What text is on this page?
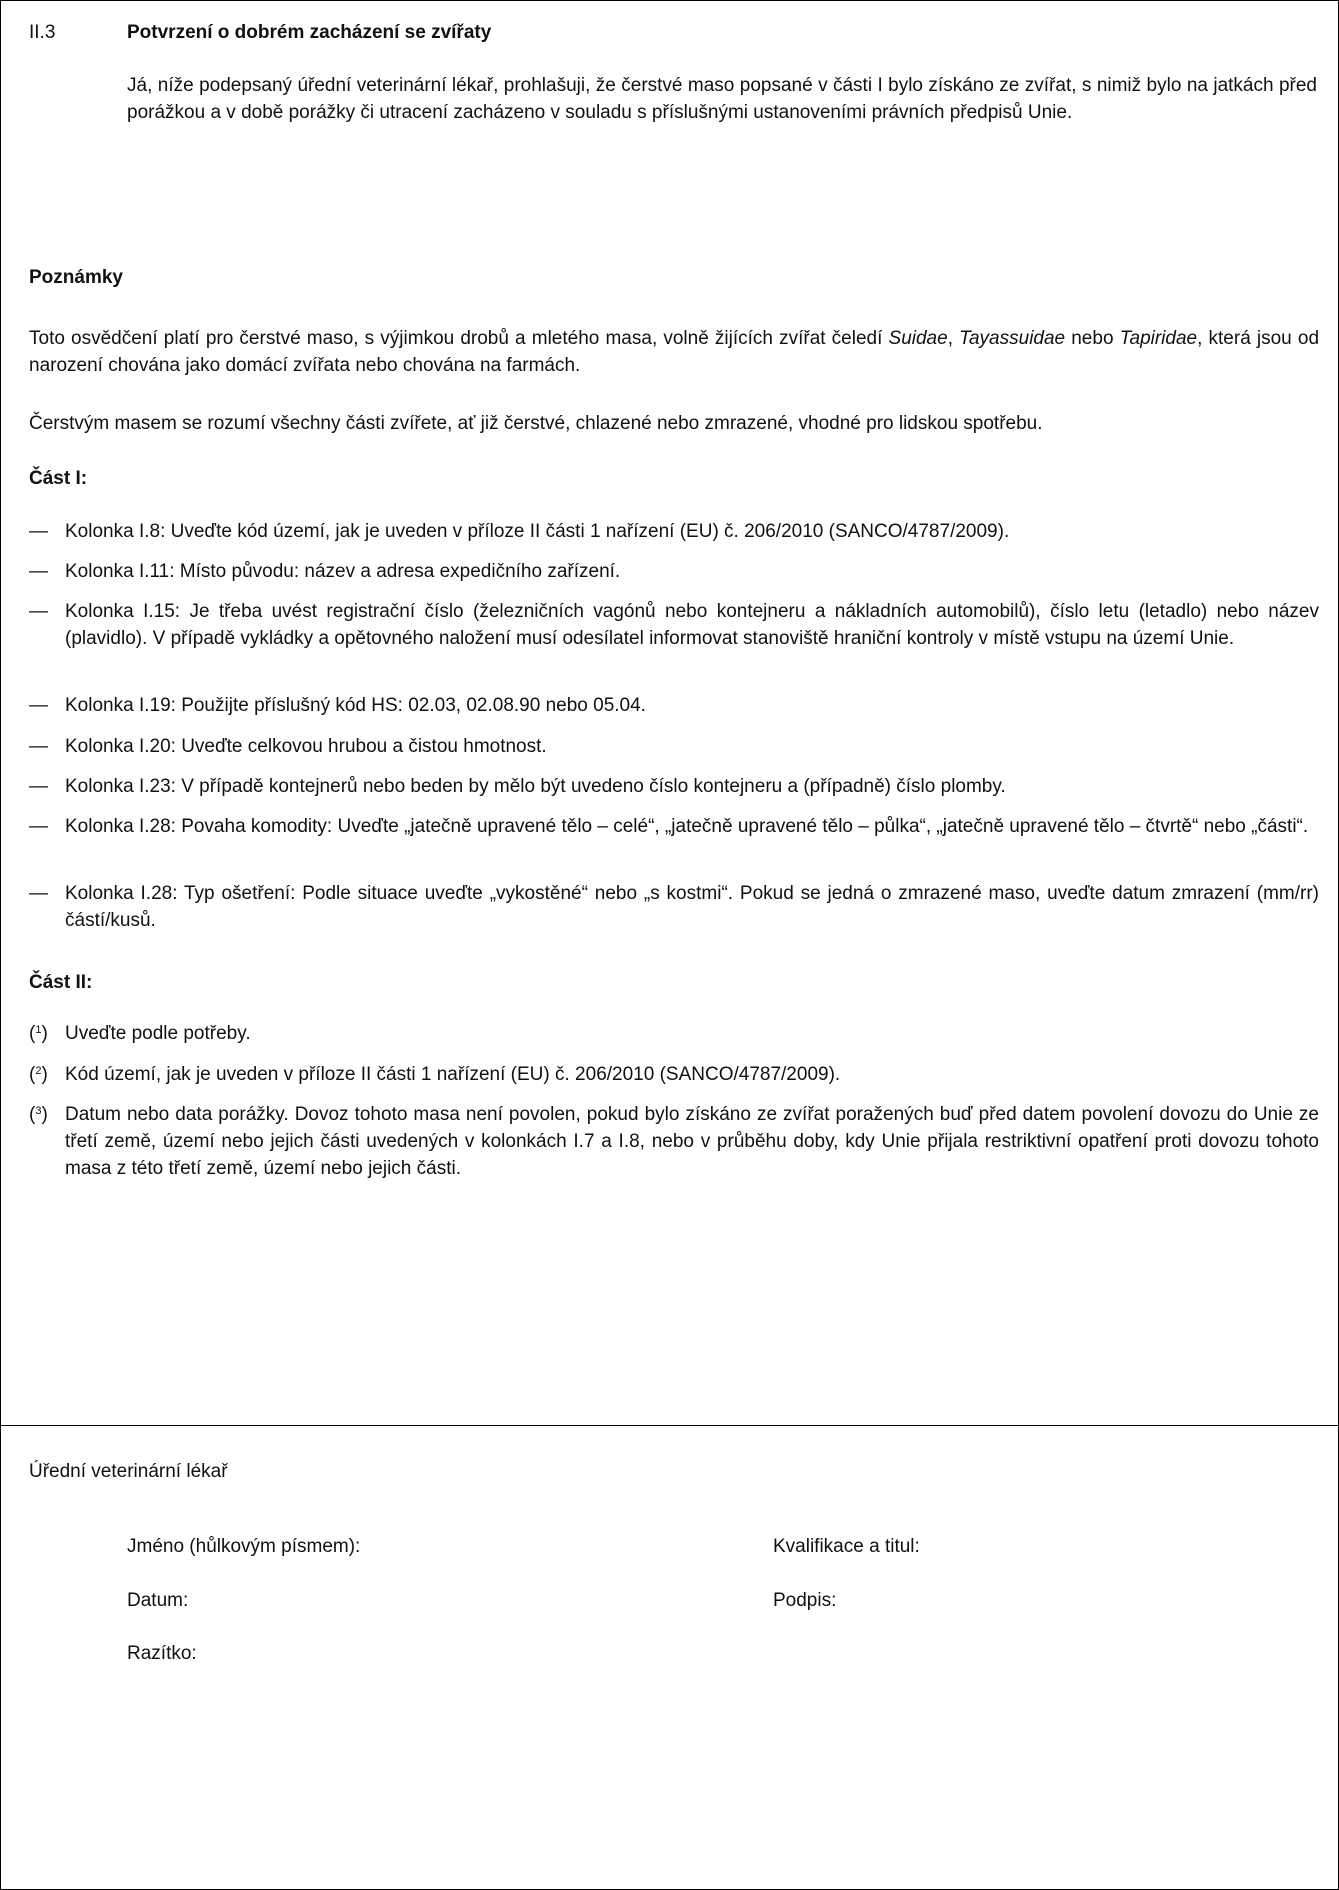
II.3	Potvrzení o dobrém zacházení se zvířaty

Já, níže podepsaný úřední veterinární lékař, prohlašuji, že čerstvé maso popsané v části I bylo získáno ze zvířat, s nimiž bylo na jatkách před porážkou a v době porážky či utracení zacházeno v souladu s příslušnými ustanoveními právních předpisů Unie.

Poznámky

Toto osvědčení platí pro čerstvé maso, s výjimkou drobů a mletého masa, volně žijících zvířat čeledí Suidae, Tayassuidae nebo Tapiridae, která jsou od narození chována jako domácí zvířata nebo chována na farmách.

Čerstvým masem se rozumí všechny části zvířete, ať již čerstvé, chlazené nebo zmrazené, vhodné pro lidskou spotřebu.

Část I:
— Kolonka I.8: Uveďte kód území, jak je uveden v příloze II části 1 nařízení (EU) č. 206/2010 (SANCO/4787/2009).
— Kolonka I.11: Místo původu: název a adresa expedičního zařízení.
— Kolonka I.15: Je třeba uvést registrační číslo (železničních vagónů nebo kontejneru a nákladních automobilů), číslo letu (letadlo) nebo název (plavidlo). V případě vykládky a opětovného naložení musí odesílatel informovat stanoviště hraniční kontroly v místě vstupu na území Unie.
— Kolonka I.19: Použijte příslušný kód HS: 02.03, 02.08.90 nebo 05.04.
— Kolonka I.20: Uveďte celkovou hrubou a čistou hmotnost.
— Kolonka I.23: V případě kontejnerů nebo beden by mělo být uvedeno číslo kontejneru a (případně) číslo plomby.
— Kolonka I.28: Povaha komodity: Uveďte „jatečně upravené tělo – celé“, „jatečně upravené tělo – půlka“, „jatečně upravené tělo – čtvrtě“ nebo „části“.
— Kolonka I.28: Typ ošetření: Podle situace uveďte „vykostěné“ nebo „s kostmi“. Pokud se jedná o zmrazené maso, uveďte datum zmrazení (mm/rr) částí/kusů.
Část II:
($^1$) Uveďte podle potřeby.
($^2$) Kód území, jak je uveden v příloze II části 1 nařízení (EU) č. 206/2010 (SANCO/4787/2009).
($^3$) Datum nebo data porážky. Dovoz tohoto masa není povolen, pokud bylo získáno ze zvířat poražených buď před datem povolení dovozu do Unie ze třetí země, území nebo jejich části uvedených v kolonkách I.7 a I.8, nebo v průběhu doby, kdy Unie přijala restriktivní opatření proti dovozu tohoto masa z této třetí země, území nebo jejich části.
Úřední veterinární lékař
Jméno (hůlkovým písmem):	Kvalifikace a titul:
Datum:	Podpis:
Razítko:
